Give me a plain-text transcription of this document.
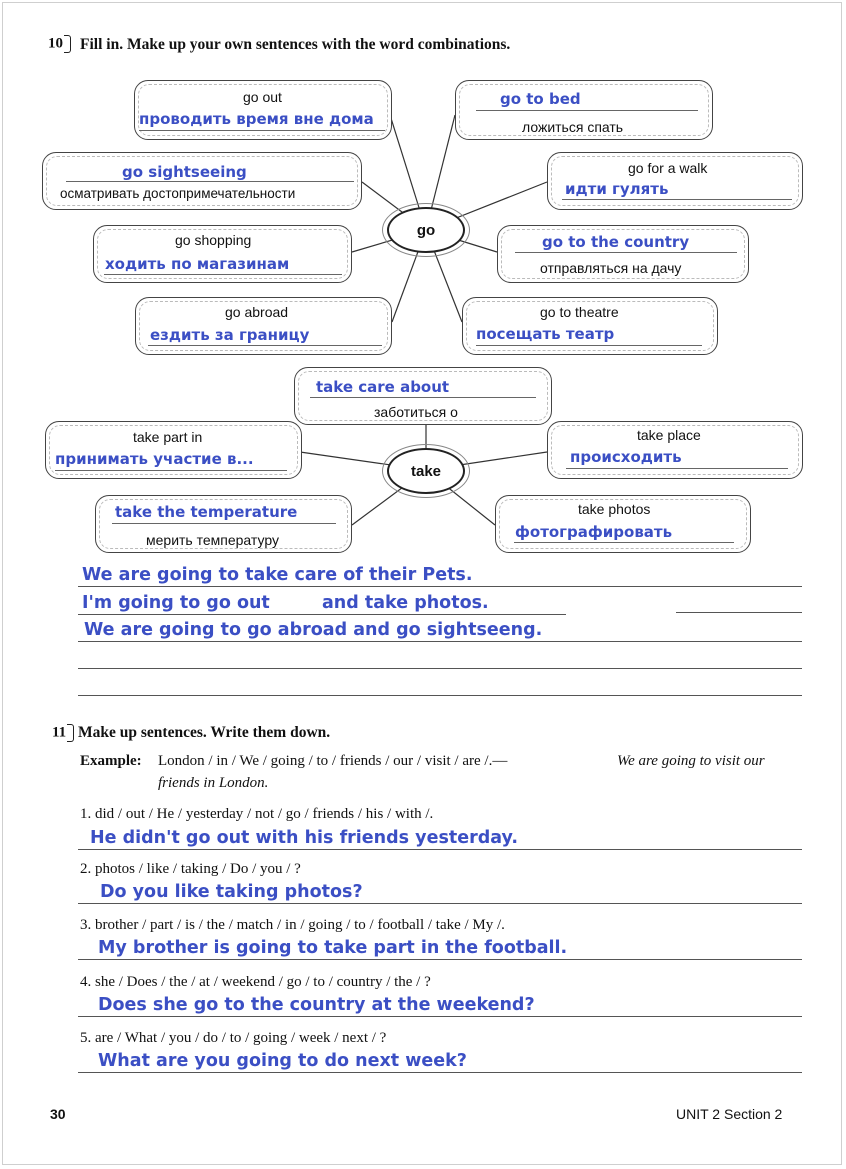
10	Fill in. Make up your own sentences with the word combinations.
go
go out
проводить время вне дома
go to bed
ложиться спать
go sightseeing
осматривать достопримечательности
go for a walk
идти гулять
go shopping
ходить по магазинам
go to the country
отправляться на дачу
go abroad
ездить за границу
go to theatre
посещать театр
take
take care about
заботиться о
take part in
принимать участие в...
take place
происходить
take the temperature
мерить температуру
take photos
фотографировать
We are going to take care of their Pets.
I'm going to go out	and take photos.
We are going to go abroad and go sightseeng.
11 Make up sentences. Write them down.
Example: London / in / We / going / to / friends / our / visit / are /.—	We are going to visit our
friends in London.
1. did / out / He / yesterday / not / go / friends / his / with /.
He didn't go out with his friends yesterday.
2. photos / like / taking / Do / you / ?
Do you like taking photos?
3. brother / part / is / the / match / in / going / to / football / take / My /.
My brother is going to take part in the football.
4. she / Does / the / at / weekend / go / to / country / the / ?
Does she go to the country at the weekend?
5. are / What / you / do / to / going / week / next / ?
What are you going to do next week?
30	UNIT 2 Section 2
